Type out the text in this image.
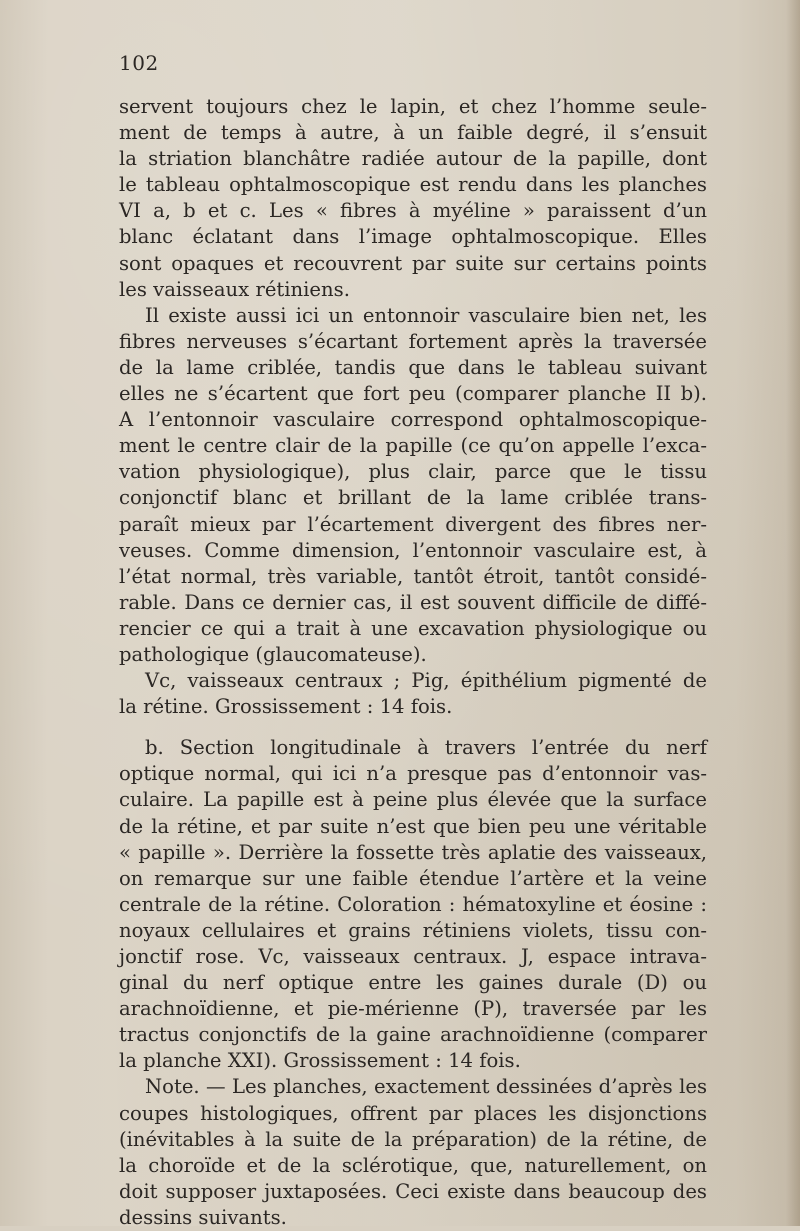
102
servent toujours chez le lapin, et chez l’homme seule-
ment de temps à autre, à un faible degré, il s’ensuit
la striation blanchâtre radiée autour de la papille, dont
le tableau ophtalmoscopique est rendu dans les planches
VI a, b et c. Les « fibres à myéline » paraissent d’un
blanc éclatant dans l’image ophtalmoscopique. Elles
sont opaques et recouvrent par suite sur certains points
les vaisseaux rétiniens.
Il existe aussi ici un entonnoir vasculaire bien net, les
fibres nerveuses s’écartant fortement après la traversée
de la lame criblée, tandis que dans le tableau suivant
elles ne s’écartent que fort peu (comparer planche II b).
A l’entonnoir vasculaire correspond ophtalmoscopique-
ment le centre clair de la papille (ce qu’on appelle l’exca-
vation physiologique), plus clair, parce que le tissu
conjonctif blanc et brillant de la lame criblée trans-
paraît mieux par l’écartement divergent des fibres ner-
veuses. Comme dimension, l’entonnoir vasculaire est, à
l’état normal, très variable, tantôt étroit, tantôt considé-
rable. Dans ce dernier cas, il est souvent difficile de diffé-
rencier ce qui a trait à une excavation physiologique ou
pathologique (glaucomateuse).
Vc, vaisseaux centraux ; Pig, épithélium pigmenté de
la rétine. Grossissement : 14 fois.
b. Section longitudinale à travers l’entrée du nerf
optique normal, qui ici n’a presque pas d’entonnoir vas-
culaire. La papille est à peine plus élevée que la surface
de la rétine, et par suite n’est que bien peu une véritable
« papille ». Derrière la fossette très aplatie des vaisseaux,
on remarque sur une faible étendue l’artère et la veine
centrale de la rétine. Coloration : hématoxyline et éosine :
noyaux cellulaires et grains rétiniens violets, tissu con-
jonctif rose. Vc, vaisseaux centraux. J, espace intrava-
ginal du nerf optique entre les gaines durale (D) ou
arachnoïdienne, et pie-mérienne (P), traversée par les
tractus conjonctifs de la gaine arachnoïdienne (comparer
la planche XXI). Grossissement : 14 fois.
Note. — Les planches, exactement dessinées d’après les
coupes histologiques, offrent par places les disjonctions
(inévitables à la suite de la préparation) de la rétine, de
la choroïde et de la sclérotique, que, naturellement, on
doit supposer juxtaposées. Ceci existe dans beaucoup des
dessins suivants.
